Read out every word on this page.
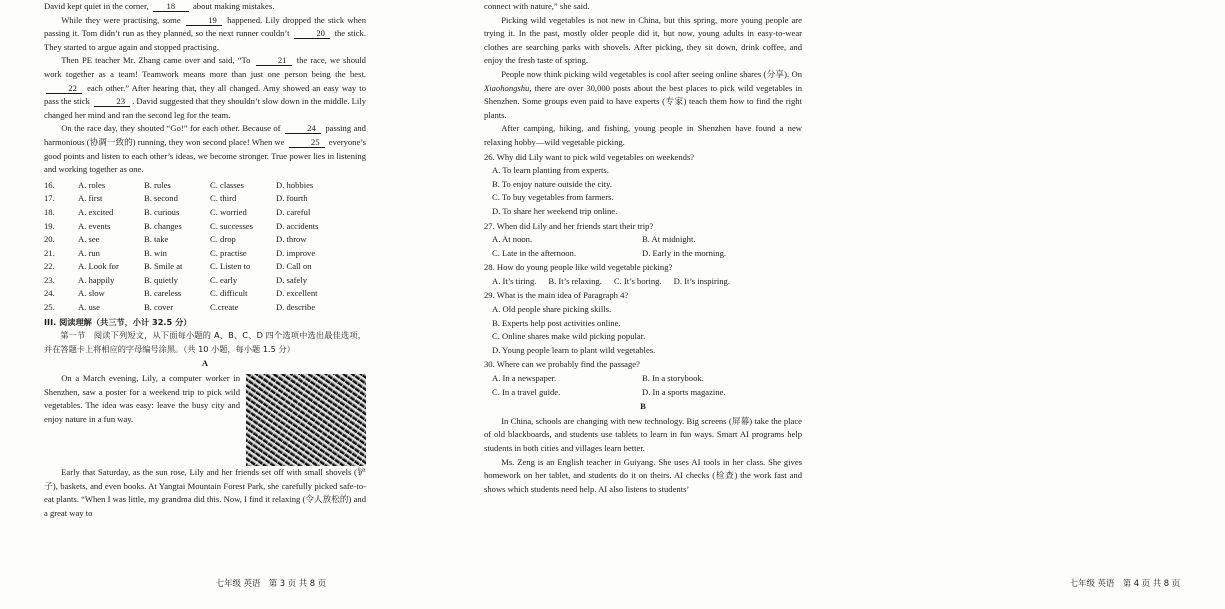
David kept quiet in the corner, 18 about making mistakes.

While they were practising, some	19 happened. Lily dropped the stick when passing it. Tom didn’t run as they planned, so the next runner couldn’t	20 the stick. They started to argue again and stopped practising.

Then PE teacher Mr. Zhang came over and said, “To	21 the race, we should work together as a team! Teamwork means more than just one person being the best. 22 each other.” After hearing that, they all changed. Amy showed an easy way to pass the stick	23 . David suggested that they shouldn’t slow down in the middle. Lily changed her mind and ran the second leg for the team.

On the race day, they shouted “Go!” for each other. Because of	24 passing and harmonious (协调一致的) running, they won second place! When we	25 everyone’s good points and listen to each other’s ideas, we become stronger. True power lies in listening and working together as one.

16.	A. roles	B. rules	C. classes	D. hobbies
17.	A. first	B. second	C. third	D. fourth
18.	A. excited	B. curious	C. worried	D. careful
19.	A. events	B. changes	C. successes	D. accidents
20.	A. see	B. take	C. drop	D. throw
21.	A. run	B. win	C. practise	D. improve
22.	A. Look for	B. Smile at	C. Listen to	D. Call on
23.	A. happily	B. quietly	C. early	D. safely
24.	A. slow	B. careless	C. difficult	D. excellent
25.	A. use	B. cover	C.create	D. describe

III. 阅读理解（共三节，小计 32.5 分）

第一节　阅读下列短文，从下面每小题的 A、B、C、D 四个选项中选出最佳选项，并在答题卡上将相应的字母编号涂黑。（共 10 小题，每小题 1.5 分）

A

On a March evening, Lily, a computer worker in Shenzhen, saw a poster for a weekend trip to pick wild vegetables. The idea was easy: leave the busy city and enjoy nature in a fun way.

Early that Saturday, as the sun rose, Lily and her friends set off with small shovels (铲子), baskets, and even books. At Yangtai Mountain Forest Park, she carefully picked safe-to-eat plants. “When I was little, my grandma did this. Now, I find it relaxing (令人放松的) and a great way to

七年级 英语　第 3 页 共 8 页

connect with nature,” she said.

Picking wild vegetables is not new in China, but this spring, more young people are trying it. In the past, mostly older people did it, but now, young adults in easy-to-wear clothes are searching parks with shovels. After picking, they sit down, drink coffee, and enjoy the fresh taste of spring.

People now think picking wild vegetables is cool after seeing online shares (分享). On Xiaohongshu, there are over 30,000 posts about the best places to pick wild vegetables in Shenzhen. Some groups even paid to have experts (专家) teach them how to find the right plants.

After camping, hiking, and fishing, young people in Shenzhen have found a new relaxing hobby—wild vegetable picking.

26. Why did Lily want to pick wild vegetables on weekends?

A. To learn planting from experts.
B. To enjoy nature outside the city.
C. To buy vegetables from farmers.
D. To share her weekend trip online.

27. When did Lily and her friends start their trip?

A. At noon.	B. At midnight.
C. Late in the afternoon.	D. Early in the morning.

28. How do young people like wild vegetable picking?

A. It’s tiring. B. It’s relaxing. C. It’s boring. D. It’s inspiring.

29. What is the main idea of Paragraph 4?

A. Old people share picking skills.
B. Experts help post activities online.
C. Online shares make wild picking popular.
D. Young people learn to plant wild vegetables.

30. Where can we probably find the passage?

A. In a newspaper.	B. In a storybook.
C. In a travel guide.	D. In a sports magazine.
B

In China, schools are changing with new technology. Big screens (屏幕) take the place of old blackboards, and students use tablets to learn in fun ways. Smart AI programs help students in both cities and villages learn better.

Ms. Zeng is an English teacher in Guiyang. She uses AI tools in her class. She gives homework on her tablet, and students do it on theirs. AI checks (检查) the work fast and shows which students need help. AI also listens to students’

七年级 英语　第 4 页 共 8 页
